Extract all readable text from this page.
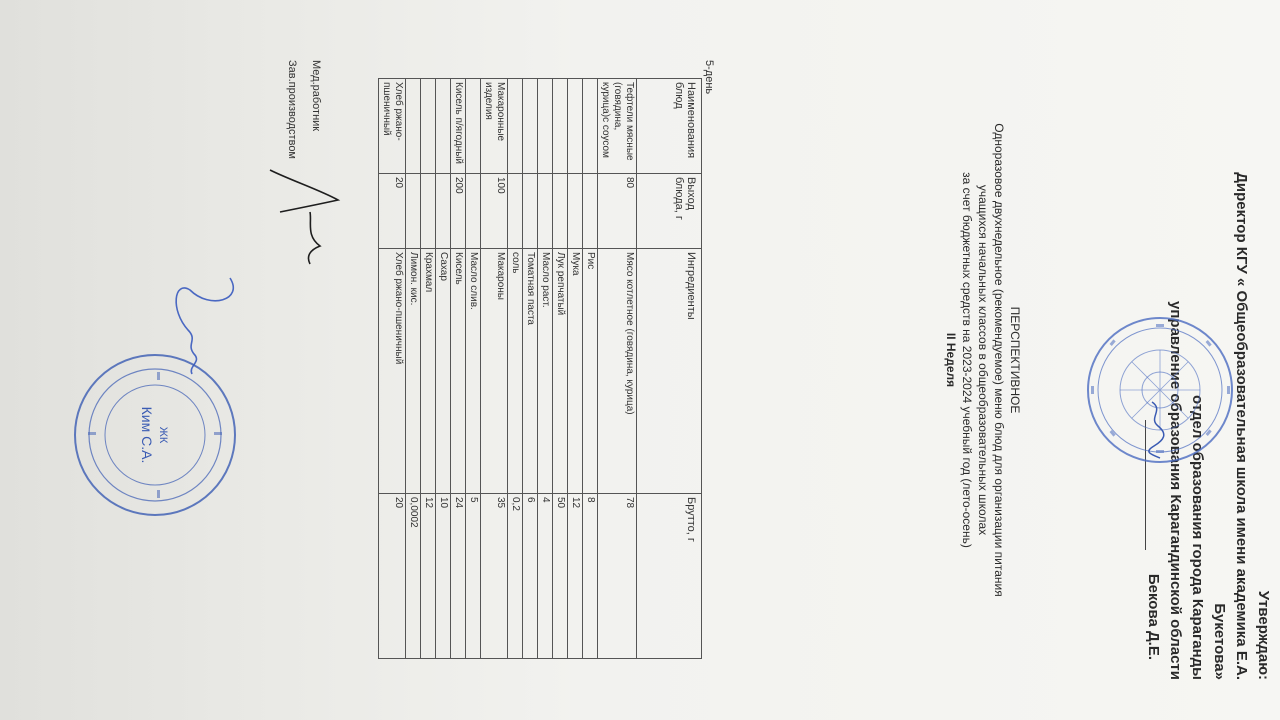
Утверждаю:
Директор КГУ « Общеобразовательная школа имени академика Е.А.
Букетова»
отдел образования города Караганды
управление образования Карагандинской области
Бекова Д.Е.
ПЕРСПЕКТИВНОЕ
Одноразовое двухнедельное (рекомендуемое) меню блюд для организации питания
учащихся начальных классов в общеобразовательных школах
за счет бюджетных средств на 2023-2024 учебный год (лето-осень)
II Неделя
5-день
Наименования блюд	Выход блюда, г	Ингредиенты	Брутто, г
Тефтели мясные (говядина, курица)с соусом	80	Мясо котлетное (говядина, курица)	78
		Рис	8
		Мука	12
		Лук репчатый	50
		Масло раст.	4
		Томатная паста	6
		соль	0,2
Макаронные изделия	100	Макароны	35
		Масло слив.	5
Кисель п/ягодный	200	Кисель	24
		Сахар	10
		Крахмал	12
		Лимон. кис.	0,0002
Хлеб ржано-пшеничный	20	Хлеб ржано-пшеничный	20
Мед.работник
Зав.производством
ЖК
Ким С.А.
